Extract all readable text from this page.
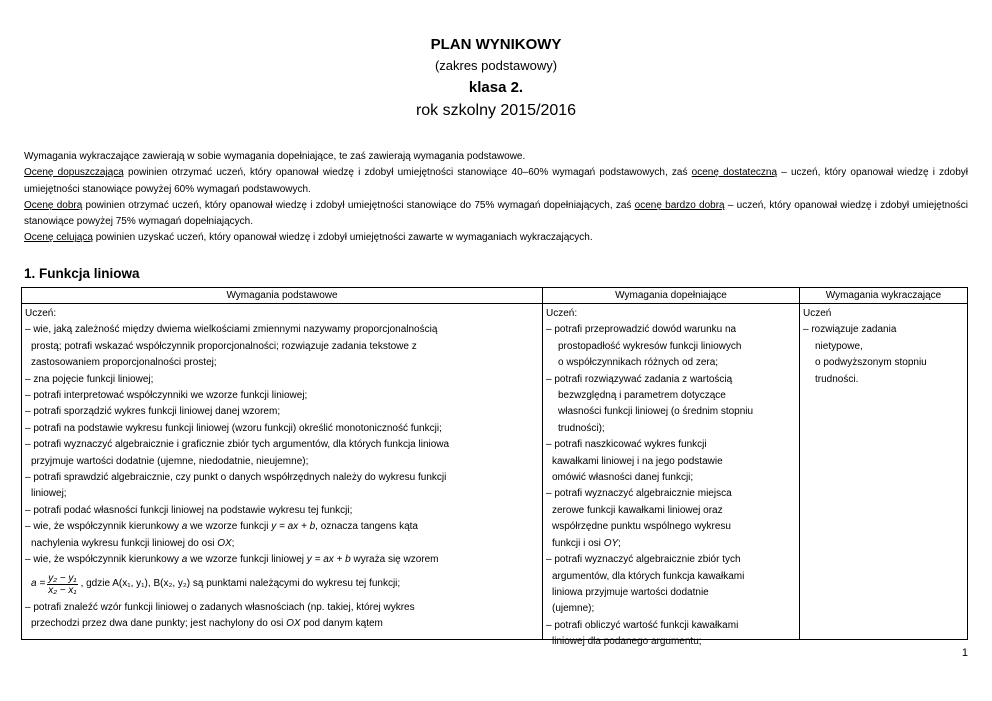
PLAN WYNIKOWY
(zakres podstawowy)
klasa 2.
rok szkolny 2015/2016

Wymagania wykraczające zawierają w sobie wymagania dopełniające, te zaś zawierają wymagania podstawowe.

Ocenę dopuszczającą powinien otrzymać uczeń, który opanował wiedzę i zdobył umiejętności stanowiące 40–60% wymagań podstawowych, zaś ocenę dostateczną – uczeń, który opanował wiedzę i zdobył umiejętności stanowiące powyżej 60% wymagań podstawowych.

Ocenę dobrą powinien otrzymać uczeń, który opanował wiedzę i zdobył umiejętności stanowiące do 75% wymagań dopełniających, zaś ocenę bardzo dobrą – uczeń, który opanował wiedzę i zdobył umiejętności stanowiące powyżej 75% wymagań dopełniających.

Ocenę celującą powinien uzyskać uczeń, który opanował wiedzę i zdobył umiejętności zawarte w wymaganiach wykraczających.

1. Funkcja liniowa
Wymagania podstawowe	Wymagania dopełniające	Wymagania wykraczające
Uczeń:
– wie, jaką zależność między dwiema wielkościami zmiennymi nazywamy proporcjonalnością
prostą; potrafi wskazać współczynnik proporcjonalności; rozwiązuje zadania tekstowe z
zastosowaniem proporcjonalności prostej;
– zna pojęcie funkcji liniowej;
– potrafi interpretować współczynniki we wzorze funkcji liniowej;
– potrafi sporządzić wykres funkcji liniowej danej wzorem;
– potrafi na podstawie wykresu funkcji liniowej (wzoru funkcji) określić monotoniczność funkcji;
– potrafi wyznaczyć algebraicznie i graficznie zbiór tych argumentów, dla których funkcja liniowa
przyjmuje wartości dodatnie (ujemne, niedodatnie, nieujemne);
– potrafi sprawdzić algebraicznie, czy punkt o danych współrzędnych należy do wykresu funkcji
liniowej;
– potrafi podać własności funkcji liniowej na podstawie wykresu tej funkcji;
– wie, że współczynnik kierunkowy a we wzorze funkcji y = ax + b, oznacza tangens kąta
nachylenia wykresu funkcji liniowej do osi OX;
– wie, że współczynnik kierunkowy a we wzorze funkcji liniowej y = ax + b wyraża się wzorem
$a = \frac{\text{y₂ − y₁}}{\text{x₂ − x₁}}$ , gdzie A(x₁, y₁), B(x₂, y₂) są punktami należącymi do wykresu tej funkcji;
– potrafi znaleźć wzór funkcji liniowej o zadanych własnościach (np. takiej, której wykres
przechodzi przez dwa dane punkty; jest nachylony do osi OX pod danym kątem
Uczeń:
– potrafi przeprowadzić dowód warunku na
prostopadłość wykresów funkcji liniowych
o współczynnikach różnych od zera;
– potrafi rozwiązywać zadania z wartością
bezwzględną i parametrem dotyczące
własności funkcji liniowej (o średnim stopniu
trudności);
– potrafi naszkicować wykres funkcji
kawałkami liniowej i na jego podstawie
omówić własności danej funkcji;
– potrafi wyznaczyć algebraicznie miejsca
zerowe funkcji kawałkami liniowej oraz
współrzędne punktu wspólnego wykresu
funkcji i osi OY;
– potrafi wyznaczyć algebraicznie zbiór tych
argumentów, dla których funkcja kawałkami
liniowa przyjmuje wartości dodatnie
(ujemne);
– potrafi obliczyć wartość funkcji kawałkami
liniowej dla podanego argumentu;
Uczeń
– rozwiązuje zadania
nietypowe,
o podwyższonym stopniu
trudności.
1
